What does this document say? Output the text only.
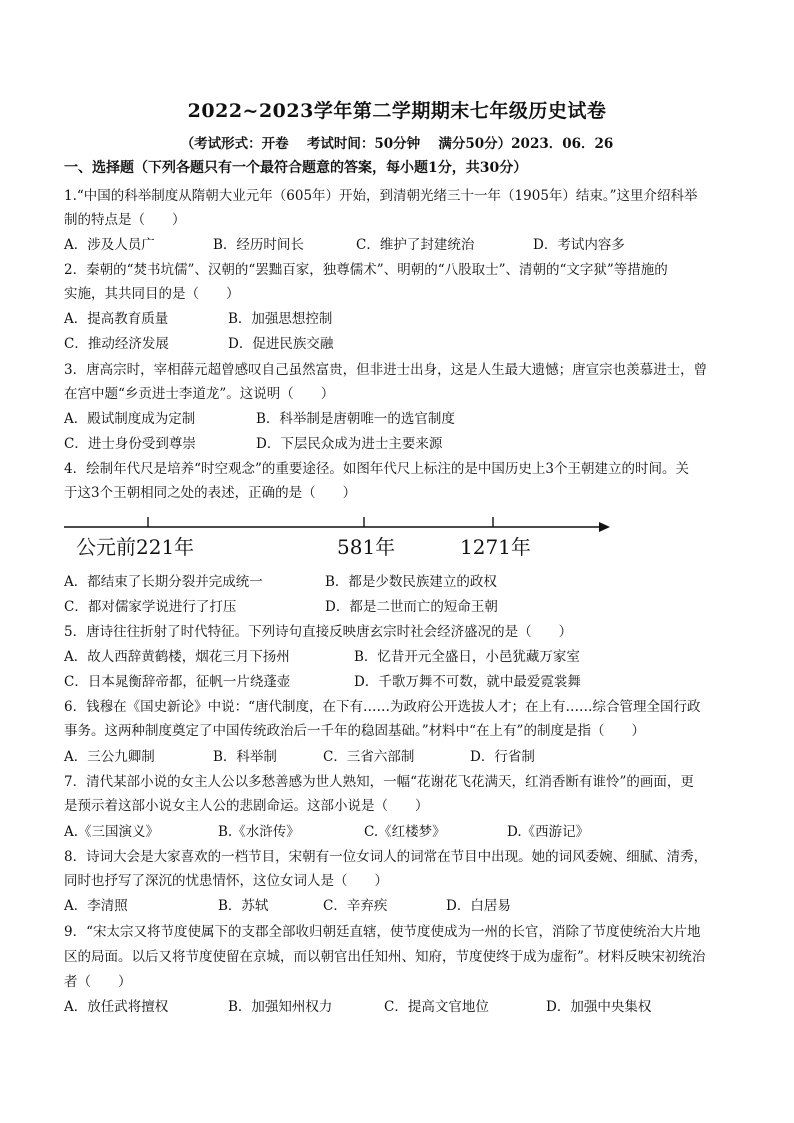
2022~2023学年第二学期期末七年级历史试卷
（考试形式：开卷　 考试时间：50分钟　 满分50分）2023．06．26
一、选择题（下列各题只有一个最符合题意的答案，每小题1分，共30分）
1.“中国的科举制度从隋朝大业元年（605年）开始，到清朝光绪三十一年（1905年）结束。”这里介绍科举
制的特点是（　　）
A．涉及人员广	B．经历时间长	C．维护了封建统治	D．考试内容多
2．秦朝的“焚书坑儒”、汉朝的“罢黜百家，独尊儒术”、明朝的“八股取士”、清朝的“文字狱”等措施的
实施，其共同目的是（　　）
A．提高教育质量	B．加强思想控制
C．推动经济发展	D．促进民族交融
3．唐高宗时，宰相薛元超曾感叹自己虽然富贵，但非进士出身，这是人生最大遗憾；唐宣宗也羡慕进士，曾
在宫中题“乡贡进士李道龙”。这说明（　　）
A．殿试制度成为定制	B．科举制是唐朝唯一的选官制度
C．进士身份受到尊崇	D．下层民众成为进士主要来源
4．绘制年代尺是培养“时空观念”的重要途径。如图年代尺上标注的是中国历史上3个王朝建立的时间。关
于这3个王朝相同之处的表述，正确的是（　　）
公元前221年	581年	1271年
A．都结束了长期分裂并完成统一	B．都是少数民族建立的政权
C．都对儒家学说进行了打压	D．都是二世而亡的短命王朝
5．唐诗往往折射了时代特征。下列诗句直接反映唐玄宗时社会经济盛况的是（　　）
A．故人西辞黄鹤楼，烟花三月下扬州	B．忆昔开元全盛日，小邑犹藏万家室
C．日本晁衡辞帝都，征帆一片绕蓬壶	D．千歌万舞不可数，就中最爱霓裳舞
6．钱穆在《国史新论》中说：“唐代制度，在下有……为政府公开选拔人才；在上有……综合管理全国行政
事务。这两种制度奠定了中国传统政治后一千年的稳固基础。”材料中“在上有”的制度是指（　　）
A．三公九卿制	B．科举制	C．三省六部制	D．行省制
7．清代某部小说的女主人公以多愁善感为世人熟知，一幅“花谢花飞花满天，红消香断有谁怜”的画面，更
是预示着这部小说女主人公的悲剧命运。这部小说是（　　）
A.《三国演义》	B.《水浒传》	C.《红楼梦》	D.《西游记》
8．诗词大会是大家喜欢的一档节目，宋朝有一位女词人的词常在节目中出现。她的词风委婉、细腻、清秀，
同时也抒写了深沉的忧患情怀，这位女词人是（　　）
A．李清照	B．苏轼	C．辛弃疾	D．白居易
9．“宋太宗又将节度使属下的支郡全部收归朝廷直辖，使节度使成为一州的长官，消除了节度使统治大片地
区的局面。以后又将节度使留在京城，而以朝官出任知州、知府，节度使终于成为虚衔”。材料反映宋初统治
者（　　）
A．放任武将擅权	B．加强知州权力	C．提高文官地位	D．加强中央集权
